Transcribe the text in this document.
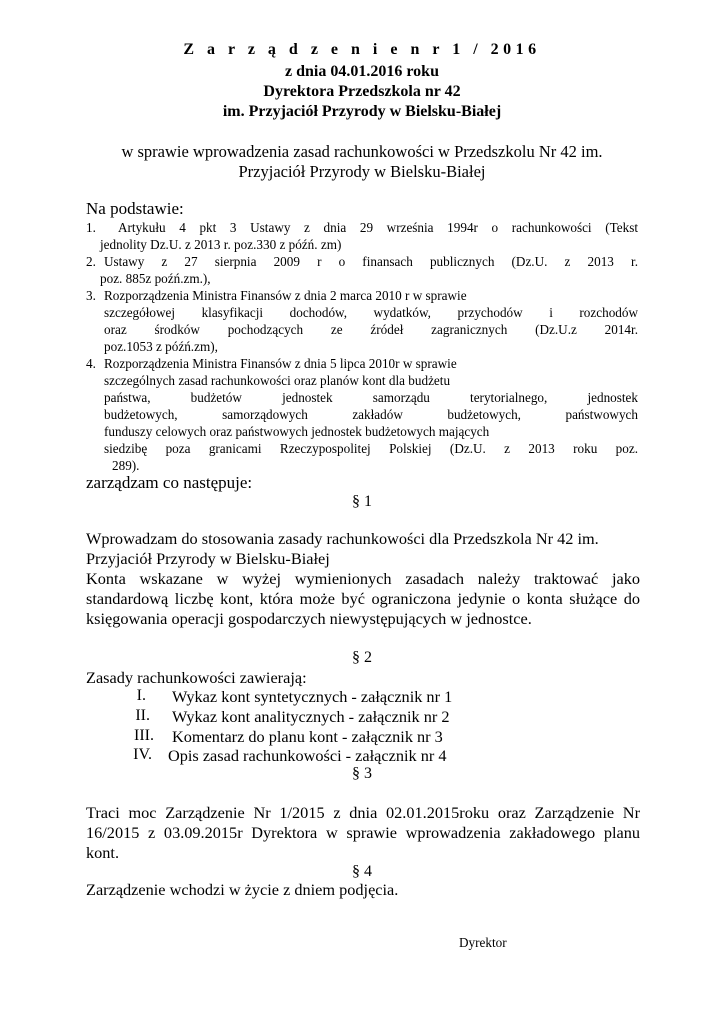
Z a r z ą d z e n i e n r 1 / 2016
z dnia 04.01.2016 roku
Dyrektora Przedszkola nr 42
im. Przyjaciół Przyrody w Bielsku-Białej
w sprawie wprowadzenia zasad rachunkowości w Przedszkolu Nr 42 im.
Przyjaciół Przyrody w Bielsku-Białej
Na podstawie:
1. Artykułu 4 pkt 3 Ustawy z dnia 29 września 1994r o rachunkowości (Tekst
jednolity Dz.U. z 2013 r. poz.330 z późń. zm)
2. Ustawy z 27 sierpnia 2009 r o finansach publicznych (Dz.U. z 2013 r.
poz. 885z poźń.zm.),
3. Rozporządzenia Ministra Finansów z dnia 2 marca 2010 r w sprawie
szczegółowej klasyfikacji dochodów, wydatków, przychodów i rozchodów
oraz środków pochodzących ze źródeł zagranicznych (Dz.U.z 2014r.
poz.1053 z późń.zm),
4. Rozporządzenia Ministra Finansów z dnia 5 lipca 2010r w sprawie
szczególnych zasad rachunkowości oraz planów kont dla budżetu
państwa, budżetów jednostek samorządu terytorialnego, jednostek
budżetowych, samorządowych zakładów budżetowych, państwowych
funduszy celowych oraz państwowych jednostek budżetowych mających
siedzibę poza granicami Rzeczypospolitej Polskiej (Dz.U. z 2013 roku poz.
289).
zarządzam co następuje:
§ 1
Wprowadzam do stosowania zasady rachunkowości dla Przedszkola Nr 42 im.
Przyjaciół Przyrody w Bielsku-Białej
Konta wskazane w wyżej wymienionych zasadach należy traktować jako
standardową liczbę kont, która może być ograniczona jedynie o konta służące do
księgowania operacji gospodarczych niewystępujących w jednostce.
§ 2
Zasady rachunkowości zawierają:
I. Wykaz kont syntetycznych - załącznik nr 1
II. Wykaz kont analitycznych - załącznik nr 2
III. Komentarz do planu kont - załącznik nr 3
IV. Opis zasad rachunkowości - załącznik nr 4
§ 3
Traci moc Zarządzenie Nr 1/2015 z dnia 02.01.2015roku oraz Zarządzenie Nr
16/2015 z 03.09.2015r Dyrektora w sprawie wprowadzenia zakładowego planu
kont.
§ 4
Zarządzenie wchodzi w życie z dniem podjęcia.
Dyrektor
